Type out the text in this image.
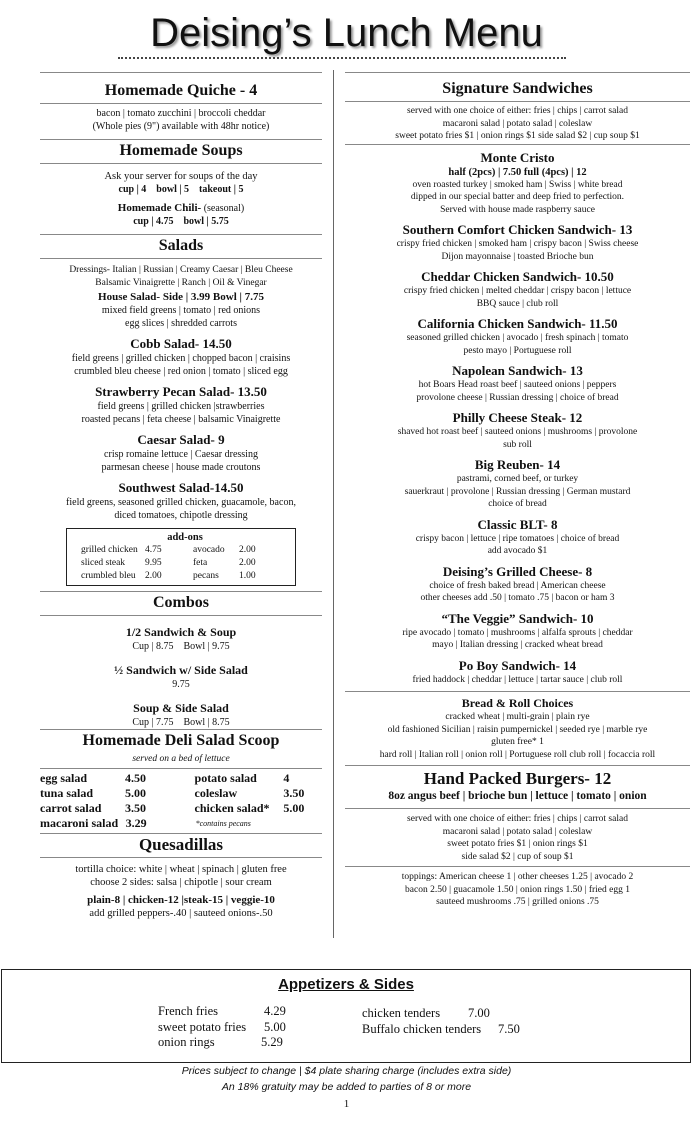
Deising’s Lunch Menu
Homemade Quiche - 4
bacon | tomato zucchini | broccoli cheddar
(Whole pies (9") available with 48hr notice)
Homemade Soups
Ask your server for soups of the day
cup | 4    bowl | 5    takeout | 5
Homemade Chili- (seasonal)
cup | 4.75    bowl | 5.75
Salads
Dressings- Italian | Russian | Creamy Caesar | Bleu Cheese
Balsamic Vinaigrette | Ranch | Oil & Vinegar
House Salad- Side | 3.99 Bowl | 7.75
mixed field greens | tomato | red onions
egg slices | shredded carrots
Cobb Salad- 14.50
field greens | grilled chicken | chopped bacon | craisins
crumbled bleu cheese | red onion | tomato | sliced egg
Strawberry Pecan Salad- 13.50
field greens | grilled chicken |strawberries
roasted pecans | feta cheese | balsamic Vinaigrette
Caesar Salad- 9
crisp romaine lettuce | Caesar dressing
parmesan cheese | house made croutons
Southwest Salad-14.50
field greens, seasoned grilled chicken, guacamole, bacon,
diced tomatoes, chipotle dressing
add-ons
grilled chicken 4.75	avocado	2.00
sliced steak	9.95	feta	2.00
crumbled bleu 2.00	pecans	1.00
Combos
1/2 Sandwich & Soup
Cup | 8.75    Bowl | 9.75
½ Sandwich w/ Side Salad
9.75
Soup & Side Salad
Cup | 7.75    Bowl | 8.75
Homemade Deli Salad Scoop
served on a bed of lettuce
egg salad	4.50	potato salad	4
tuna salad	5.00	coleslaw	3.50
carrot salad	3.50	chicken salad*	5.00
macaroni salad 3.29	*contains pecans
Quesadillas
tortilla choice: white | wheat | spinach | gluten free
choose 2 sides: salsa | chipotle | sour cream
plain-8 | chicken-12 |steak-15 | veggie-10
add grilled peppers-.40 | sauteed onions-.50
Signature Sandwiches
served with one choice of either: fries | chips | carrot salad
macaroni salad | potato salad | coleslaw
sweet potato fries $1 | onion rings $1 side salad $2 | cup soup $1
Monte Cristo
half (2pcs) | 7.50 full (4pcs) | 12
oven roasted turkey | smoked ham | Swiss | white bread
dipped in our special batter and deep fried to perfection.
Served with house made raspberry sauce
Southern Comfort Chicken Sandwich- 13
crispy fried chicken | smoked ham | crispy bacon | Swiss cheese
Dijon mayonnaise | toasted Brioche bun
Cheddar Chicken Sandwich- 10.50
crispy fried chicken | melted cheddar | crispy bacon | lettuce
BBQ sauce | club roll
California Chicken Sandwich- 11.50
seasoned grilled chicken | avocado | fresh spinach | tomato
pesto mayo | Portuguese roll
Napolean Sandwich- 13
hot Boars Head roast beef | sauteed onions | peppers
provolone cheese | Russian dressing | choice of bread
Philly Cheese Steak- 12
shaved hot roast beef | sauteed onions | mushrooms | provolone
sub roll
Big Reuben- 14
pastrami, corned beef, or turkey
sauerkraut | provolone | Russian dressing | German mustard
choice of bread
Classic BLT- 8
crispy bacon | lettuce | ripe tomatoes | choice of bread
add avocado $1
Deising’s Grilled Cheese- 8
choice of fresh baked bread | American cheese
other cheeses add .50 | tomato .75 | bacon or ham 3
“The Veggie” Sandwich- 10
ripe avocado | tomato | mushrooms | alfalfa sprouts | cheddar
mayo | Italian dressing | cracked wheat bread
Po Boy Sandwich- 14
fried haddock | cheddar | lettuce | tartar sauce | club roll
Bread & Roll Choices
cracked wheat | multi-grain | plain rye
old fashioned Sicilian | raisin pumpernickel | seeded rye | marble rye
gluten free* 1
hard roll | Italian roll | onion roll | Portuguese roll club roll | focaccia roll
Hand Packed Burgers- 12
8oz angus beef | brioche bun | lettuce | tomato | onion
served with one choice of either: fries | chips | carrot salad
macaroni salad | potato salad | coleslaw
sweet potato fries $1 | onion rings $1
side salad $2 | cup of soup $1
toppings: American cheese 1 | other cheeses 1.25 | avocado 2
bacon 2.50 | guacamole 1.50 | onion rings 1.50 | fried egg 1
sauteed mushrooms .75 | grilled onions .75
Appetizers & Sides
French fries	4.29
sweet potato fries	5.00
onion rings	5.29
chicken tenders	7.00
Buffalo chicken tenders	7.50
Prices subject to change | $4 plate sharing charge (includes extra side)
An 18% gratuity may be added to parties of 8 or more
1
